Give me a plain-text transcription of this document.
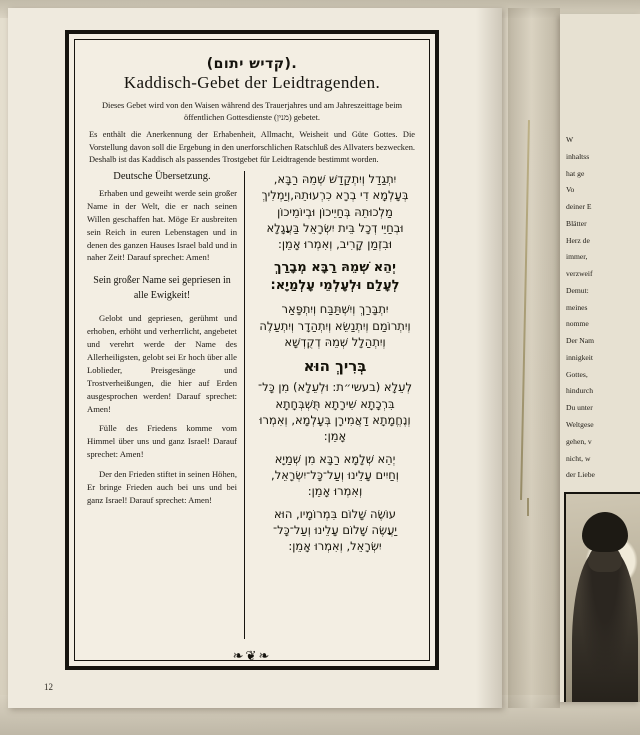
‫.(קדיש יתום)‬
Kaddisch-Gebet der Leidtragenden.
Dieses Gebet wird von den Waisen während des Trauerjahres und am Jahreszeittage beim öffentlichen Gottesdienste (מנין) gebetet.
Es enthält die Anerkennung der Erhabenheit, Allmacht, Weisheit und Güte Gottes. Die Vorstellung davon soll die Ergebung in den unerforschlichen Ratschluß des Allvaters bezwecken. Deshalb ist das Kaddisch als passendes Trostgebet für Leidtragende bestimmt worden.
Deutsche Übersetzung.
Erhaben und geweiht werde sein großer Name in der Welt, die er nach seinen Willen geschaffen hat. Möge Er ausbreiten sein Reich in euren Lebenstagen und in denen des ganzen Hauses Israel bald und in naher Zeit! Darauf sprechet: Amen!
Sein großer Name sei gepriesen in alle Ewigkeit!
Gelobt und gepriesen, gerühmt und erhoben, erhöht und verherrlicht, angebetet und verehrt werde der Name des Allerheiligsten, gelobt sei Er hoch über alle Loblieder, Preisgesänge und Trostverheißungen, die hier auf Erden ausgesprochen werden! Darauf sprechet: Amen!
Fülle des Friedens komme vom Himmel über uns und ganz Israel! Darauf sprechet: Amen!
Der den Frieden stiftet in seinen Höhen, Er bringe Frieden auch bei uns und bei ganz Israel! Darauf sprechet: Amen!
יִתְגַדַל וְיִתְקַדַשׁ שְׁמֵהּ רַבָּא,
בְּעָלְמָא דִי בְרָא כִרְעוּתֵהּ,וְיַמְלִיךְ
מַלְכוּתֵהּ בְּחַיֵיכוֹן וּבְיוֹמֵיכוֹן
וּבְחַיֵי דְכָל בֵּית יִשְׂרָאֵל בַּעֲגָלָא
וּבִזְמַן קָרִיב, וְאִמְרוּ אָמֵן:
יְהֵא שְׁמֵהּ רַבָּא מְבָרַךְ
לְעָלַם וּלְעָלְמֵי עָלְמַיָא:
יִתְבָּרַךְ וְיִשְׁתַּבַּח וְיִתְפָּאַר
וְיִתְרוֹמַם וְיִתְנַשֵׂא וְיִתְהַדָר וְיִתְעַלֶה
וְיִתְהַלָל שְׁמֵהּ דְקֻדְשָׁא
בְּרִיךְ הוּא
לְעֵלָא (בעשי״ת: וּלְעֵלָא) מִן כָּל־
בִּרְכָתָא שִׁירָתָא תֻּשְׁבְּחָתָא
וְנֶחֱמָתָא דַאֲמִירָן בְּעָלְמָא, וְאִמְרוּ
אָמֵן:
יְהֵא שְׁלָמָא רַבָּא מִן שְׁמַיָא
וְחַיִים עָלֵינוּ וְעַל־כָּל־יִשְׂרָאֵל,
וְאִמְרוּ אָמֵן:
עוֹשֶׂה שָׁלוֹם בִּמְרוֹמָיו, הוּא
יַעֲשֶׂה שָׁלוֹם עָלֵינוּ וְעַל־כָּל־
יִשְׂרָאֵל, וְאִמְרוּ אָמֵן:
❧❦❧
12

W

inhaltss

hat ge

Vo

deiner E

Blätter

Herz de

immer,

verzweif

Demut:

meines

nomme

Der Nam

innigkeit

Gottes,

hindurch

Du unter

Weltgese

gehen, v

nicht, w

der Liebe
